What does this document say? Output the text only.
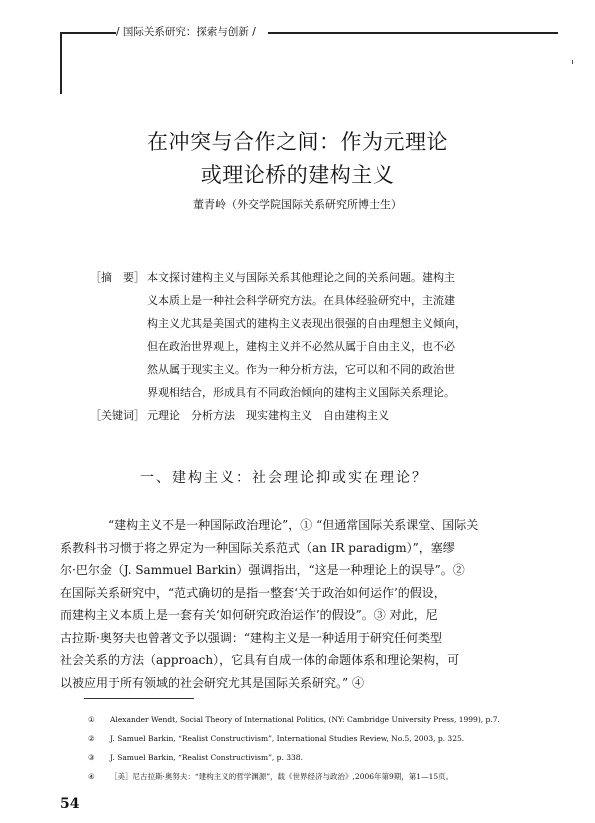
/ 国际关系研究：探索与创新 /
在冲突与合作之间：作为元理论
或理论桥的建构主义
董青岭（外交学院国际关系研究所博士生）
［摘　要］ 本文探讨建构主义与国际关系其他理论之间的关系问题。建构主
义本质上是一种社会科学研究方法。在具体经验研究中，主流建
构主义尤其是美国式的建构主义表现出很强的自由理想主义倾向，
但在政治世界观上，建构主义并不必然从属于自由主义，也不必
然从属于现实主义。作为一种分析方法，它可以和不同的政治世
界观相结合，形成具有不同政治倾向的建构主义国际关系理论。
［关键词］ 元理论　分析方法　现实建构主义　自由建构主义
一、建构主义：社会理论抑或实在理论？
“建构主义不是一种国际政治理论”，① “但通常国际关系课堂、国际关
系教科书习惯于将之界定为一种国际关系范式（an IR paradigm）”，塞缪
尔·巴尔金（J. Sammuel Barkin）强调指出，“这是一种理论上的误导”。②
在国际关系研究中，“范式确切的是指一整套‘关于政治如何运作’的假设，
而建构主义本质上是一套有关‘如何研究政治运作’的假设”。③ 对此，尼
古拉斯·奥努夫也曾著文予以强调：“建构主义是一种适用于研究任何类型
社会关系的方法（approach），它具有自成一体的命题体系和理论架构，可
以被应用于所有领域的社会研究尤其是国际关系研究。” ④
①	Alexander Wendt, Social Theory of International Politics, (NY: Cambridge University Press, 1999), p.7.
②	J. Samuel Barkin, “Realist Constructivism”, International Studies Review, No.5, 2003, p. 325.
③	J. Samuel Barkin, “Realist Constructivism”, p. 338.
④	［美］尼古拉斯·奥努夫：“建构主义的哲学渊源”，载《世界经济与政治》,2006年第9期，第1—15页。
54
